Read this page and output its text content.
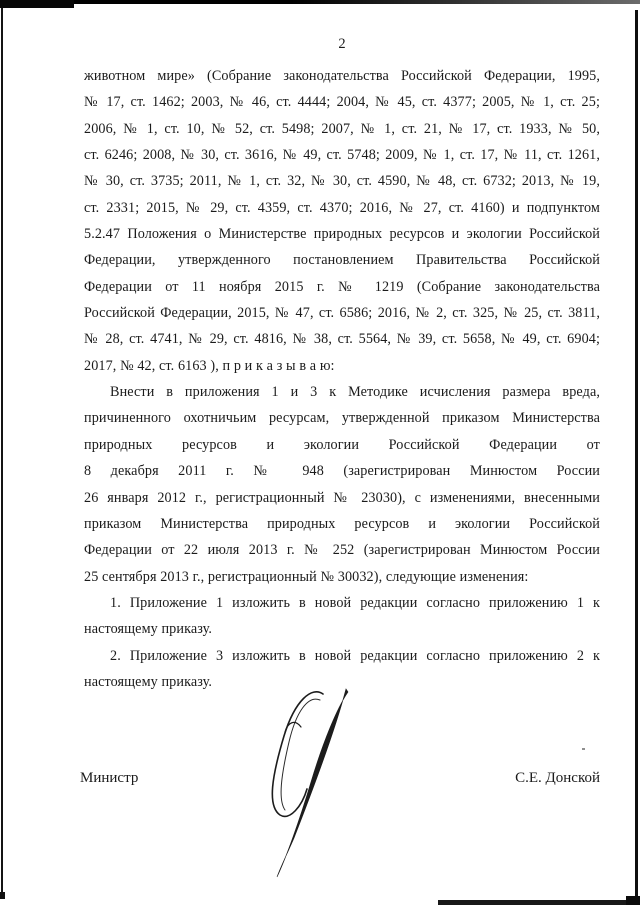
2
животном мире» (Собрание законодательства Российской Федерации, 1995,
№ 17, ст. 1462; 2003, № 46, ст. 4444; 2004, № 45, ст. 4377; 2005, № 1, ст. 25;
2006, № 1, ст. 10, № 52, ст. 5498; 2007, № 1, ст. 21, № 17, ст. 1933, № 50,
ст. 6246; 2008, № 30, ст. 3616, № 49, ст. 5748; 2009, № 1, ст. 17, № 11, ст. 1261,
№ 30, ст. 3735; 2011, № 1, ст. 32, № 30, ст. 4590, № 48, ст. 6732; 2013, № 19,
ст. 2331; 2015, № 29, ст. 4359, ст. 4370; 2016, № 27, ст. 4160) и подпунктом
5.2.47 Положения о Министерстве природных ресурсов и экологии Российской
Федерации, утвержденного постановлением Правительства Российской
Федерации от 11 ноября 2015 г. № 1219 (Собрание законодательства
Российской Федерации, 2015, № 47, ст. 6586; 2016, № 2, ст. 325, № 25, ст. 3811,
№ 28, ст. 4741, № 29, ст. 4816, № 38, ст. 5564, № 39, ст. 5658, № 49, ст. 6904;
2017, № 42, ст. 6163 ), п р и к а з ы в а ю:
Внести в приложения 1 и 3 к Методике исчисления размера вреда,
причиненного охотничьим ресурсам, утвержденной приказом Министерства
природных ресурсов и экологии Российской Федерации от
8 декабря 2011 г. № 948 (зарегистрирован Минюстом России
26 января 2012 г., регистрационный № 23030), с изменениями, внесенными
приказом Министерства природных ресурсов и экологии Российской
Федерации от 22 июля 2013 г. № 252 (зарегистрирован Минюстом России
25 сентября 2013 г., регистрационный № 30032), следующие изменения:
1. Приложение 1 изложить в новой редакции согласно приложению 1 к
настоящему приказу.
2. Приложение 3 изложить в новой редакции согласно приложению 2 к
настоящему приказу.
Министр	С.Е. Донской
